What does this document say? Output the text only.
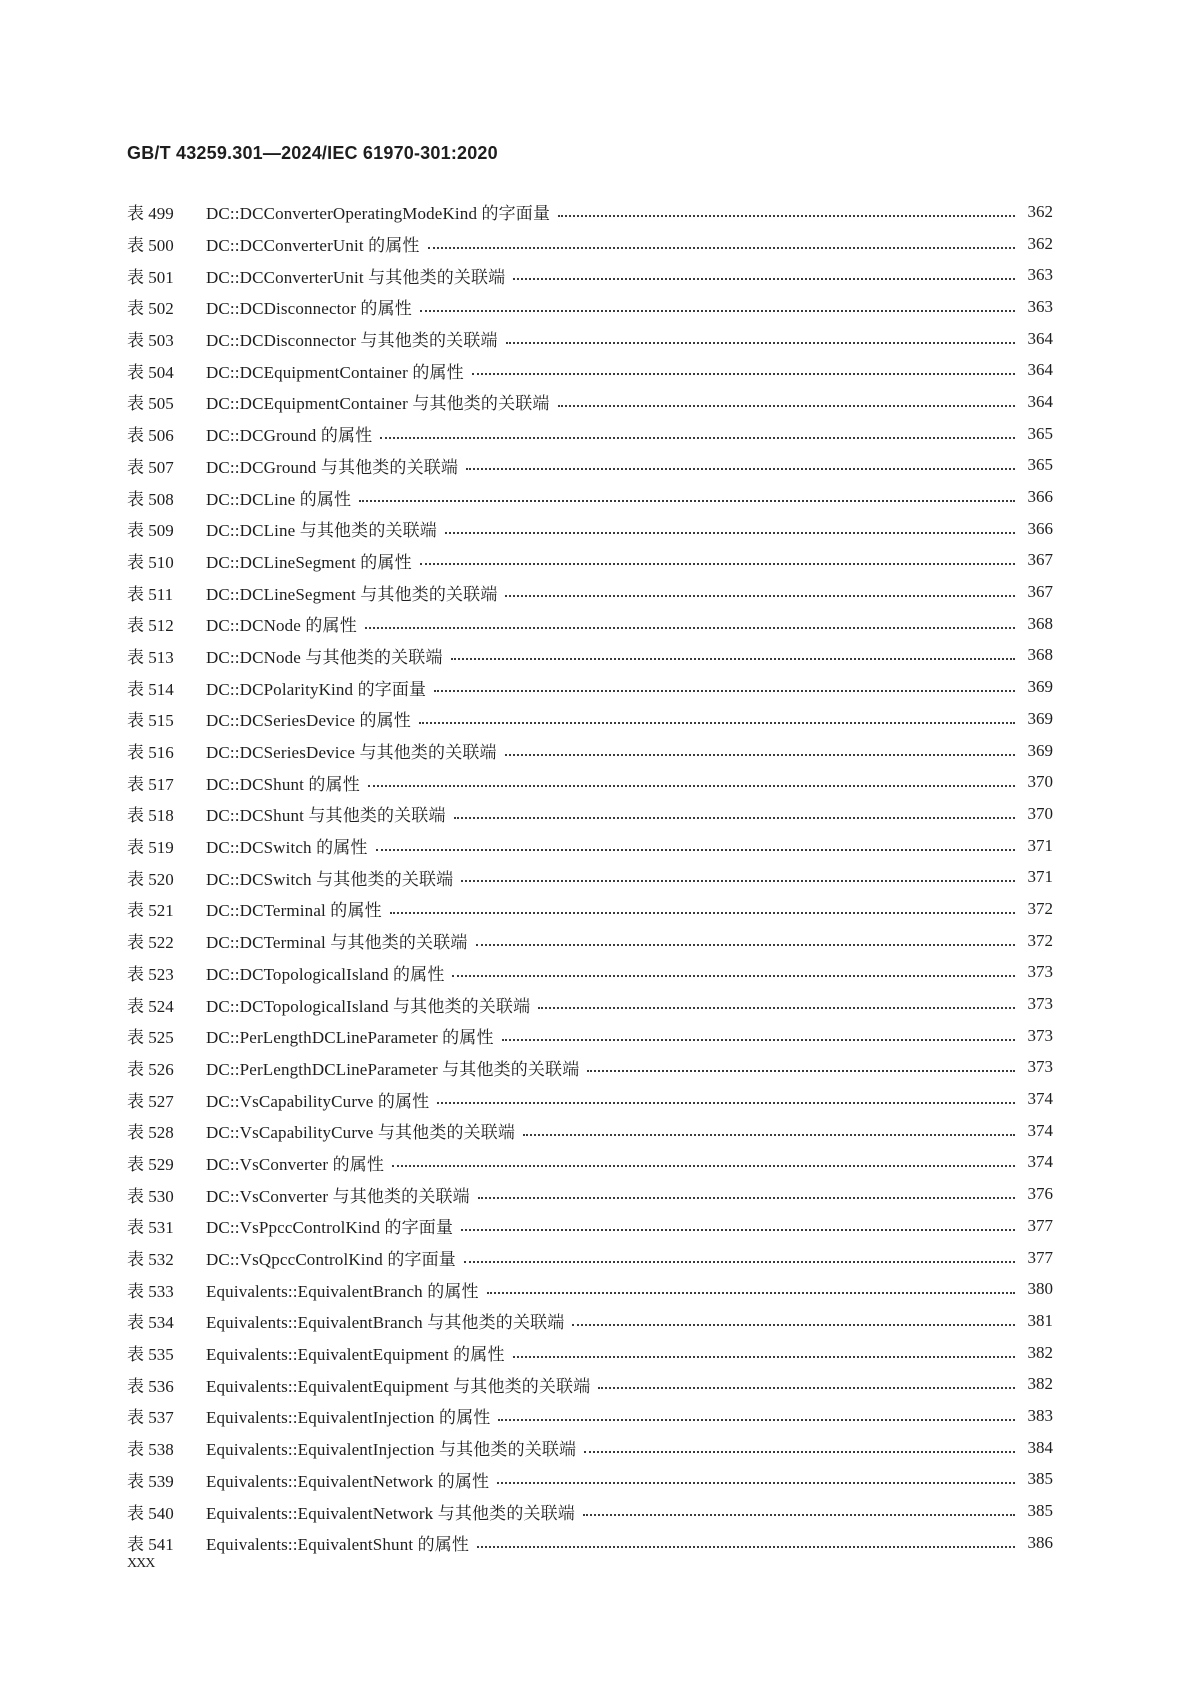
GB/T 43259.301—2024/IEC 61970-301:2020
表 499	DC::DCConverterOperatingModeKind 的字面量	362
表 500	DC::DCConverterUnit 的属性	362
表 501	DC::DCConverterUnit 与其他类的关联端	363
表 502	DC::DCDisconnector 的属性	363
表 503	DC::DCDisconnector 与其他类的关联端	364
表 504	DC::DCEquipmentContainer 的属性	364
表 505	DC::DCEquipmentContainer 与其他类的关联端	364
表 506	DC::DCGround 的属性	365
表 507	DC::DCGround 与其他类的关联端	365
表 508	DC::DCLine 的属性	366
表 509	DC::DCLine 与其他类的关联端	366
表 510	DC::DCLineSegment 的属性	367
表 511	DC::DCLineSegment 与其他类的关联端	367
表 512	DC::DCNode 的属性	368
表 513	DC::DCNode 与其他类的关联端	368
表 514	DC::DCPolarityKind 的字面量	369
表 515	DC::DCSeriesDevice 的属性	369
表 516	DC::DCSeriesDevice 与其他类的关联端	369
表 517	DC::DCShunt 的属性	370
表 518	DC::DCShunt 与其他类的关联端	370
表 519	DC::DCSwitch 的属性	371
表 520	DC::DCSwitch 与其他类的关联端	371
表 521	DC::DCTerminal 的属性	372
表 522	DC::DCTerminal 与其他类的关联端	372
表 523	DC::DCTopologicalIsland 的属性	373
表 524	DC::DCTopologicalIsland 与其他类的关联端	373
表 525	DC::PerLengthDCLineParameter 的属性	373
表 526	DC::PerLengthDCLineParameter 与其他类的关联端	373
表 527	DC::VsCapabilityCurve 的属性	374
表 528	DC::VsCapabilityCurve 与其他类的关联端	374
表 529	DC::VsConverter 的属性	374
表 530	DC::VsConverter 与其他类的关联端	376
表 531	DC::VsPpccControlKind 的字面量	377
表 532	DC::VsQpccControlKind 的字面量	377
表 533	Equivalents::EquivalentBranch 的属性	380
表 534	Equivalents::EquivalentBranch 与其他类的关联端	381
表 535	Equivalents::EquivalentEquipment 的属性	382
表 536	Equivalents::EquivalentEquipment 与其他类的关联端	382
表 537	Equivalents::EquivalentInjection 的属性	383
表 538	Equivalents::EquivalentInjection 与其他类的关联端	384
表 539	Equivalents::EquivalentNetwork 的属性	385
表 540	Equivalents::EquivalentNetwork 与其他类的关联端	385
表 541	Equivalents::EquivalentShunt 的属性	386
XXX
